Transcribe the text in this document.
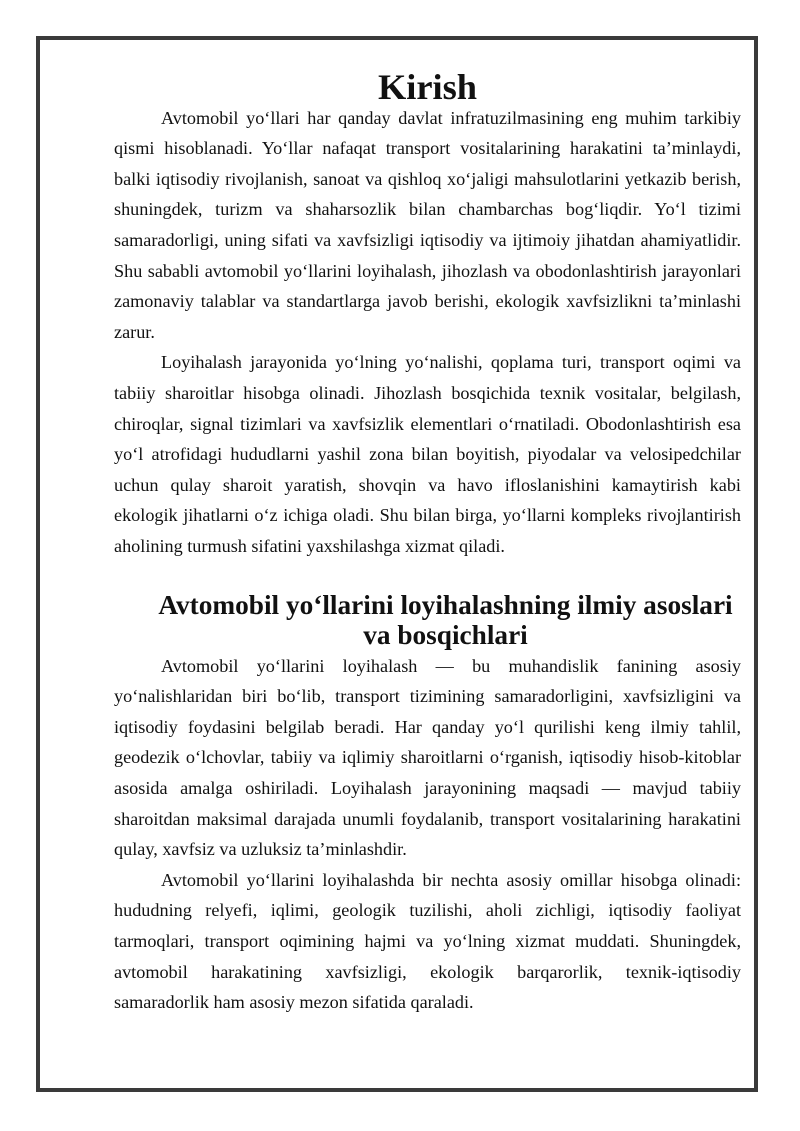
Kirish

Avtomobil yo‘llari har qanday davlat infratuzilmasining eng muhim tarkibiy qismi hisoblanadi. Yo‘llar nafaqat transport vositalarining harakatini ta’minlaydi, balki iqtisodiy rivojlanish, sanoat va qishloq xo‘jaligi mahsulotlarini yetkazib berish, shuningdek, turizm va shaharsozlik bilan chambarchas bog‘liqdir. Yo‘l tizimi samaradorligi, uning sifati va xavfsizligi iqtisodiy va ijtimoiy jihatdan ahamiyatlidir. Shu sababli avtomobil yo‘llarini loyihalash, jihozlash va obodonlashtirish jarayonlari zamonaviy talablar va standartlarga javob berishi, ekologik xavfsizlikni ta’minlashi zarur.

Loyihalash jarayonida yo‘lning yo‘nalishi, qoplama turi, transport oqimi va tabiiy sharoitlar hisobga olinadi. Jihozlash bosqichida texnik vositalar, belgilash, chiroqlar, signal tizimlari va xavfsizlik elementlari o‘rnatiladi. Obodonlashtirish esa yo‘l atrofidagi hududlarni yashil zona bilan boyitish, piyodalar va velosipedchilar uchun qulay sharoit yaratish, shovqin va havo ifloslanishini kamaytirish kabi ekologik jihatlarni o‘z ichiga oladi. Shu bilan birga, yo‘llarni kompleks rivojlantirish aholining turmush sifatini yaxshilashga xizmat qiladi.

Avtomobil yo‘llarini loyihalashning ilmiy asoslari va bosqichlari

Avtomobil yo‘llarini loyihalash — bu muhandislik fanining asosiy yo‘nalishlaridan biri bo‘lib, transport tizimining samaradorligini, xavfsizligini va iqtisodiy foydasini belgilab beradi. Har qanday yo‘l qurilishi keng ilmiy tahlil, geodezik o‘lchovlar, tabiiy va iqlimiy sharoitlarni o‘rganish, iqtisodiy hisob-kitoblar asosida amalga oshiriladi. Loyihalash jarayonining maqsadi — mavjud tabiiy sharoitdan maksimal darajada unumli foydalanib, transport vositalarining harakatini qulay, xavfsiz va uzluksiz ta’minlashdir.

Avtomobil yo‘llarini loyihalashda bir nechta asosiy omillar hisobga olinadi: hududning relyefi, iqlimi, geologik tuzilishi, aholi zichligi, iqtisodiy faoliyat tarmoqlari, transport oqimining hajmi va yo‘lning xizmat muddati. Shuningdek, avtomobil harakatining xavfsizligi, ekologik barqarorlik, texnik-iqtisodiy samaradorlik ham asosiy mezon sifatida qaraladi.
